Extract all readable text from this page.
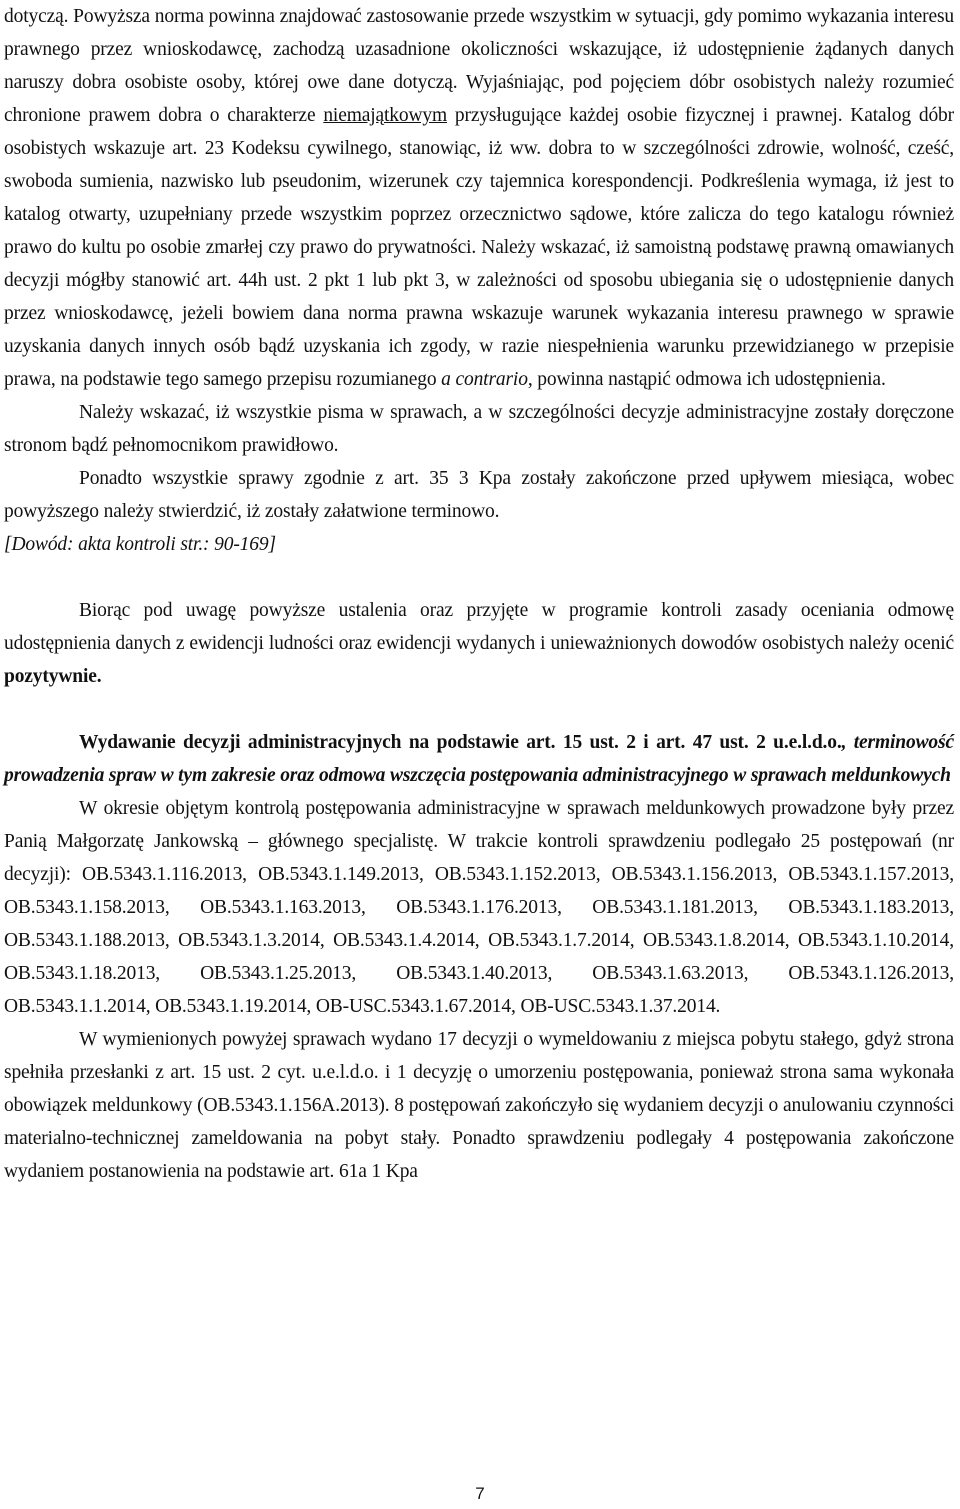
dotyczą. Powyższa norma powinna znajdować zastosowanie przede wszystkim w sytuacji, gdy pomimo wykazania interesu prawnego przez wnioskodawcę, zachodzą uzasadnione okoliczności wskazujące, iż udostępnienie żądanych danych naruszy dobra osobiste osoby, której owe dane dotyczą. Wyjaśniając, pod pojęciem dóbr osobistych należy rozumieć chronione prawem dobra o charakterze niemajątkowym przysługujące każdej osobie fizycznej i prawnej. Katalog dóbr osobistych wskazuje art. 23 Kodeksu cywilnego, stanowiąc, iż ww. dobra to w szczególności zdrowie, wolność, cześć, swoboda sumienia, nazwisko lub pseudonim, wizerunek czy tajemnica korespondencji. Podkreślenia wymaga, iż jest to katalog otwarty, uzupełniany przede wszystkim poprzez orzecznictwo sądowe, które zalicza do tego katalogu również prawo do kultu po osobie zmarłej czy prawo do prywatności. Należy wskazać, iż samoistną podstawę prawną omawianych decyzji mógłby stanowić art. 44h ust. 2 pkt 1 lub pkt 3, w zależności od sposobu ubiegania się o udostępnienie danych przez wnioskodawcę, jeżeli bowiem dana norma prawna wskazuje warunek wykazania interesu prawnego w sprawie uzyskania danych innych osób bądź uzyskania ich zgody, w razie niespełnienia warunku przewidzianego w przepisie prawa, na podstawie tego samego przepisu rozumianego a contrario, powinna nastąpić odmowa ich udostępnienia.

Należy wskazać, iż wszystkie pisma w sprawach, a w szczególności decyzje administracyjne zostały doręczone stronom bądź pełnomocnikom prawidłowo.

Ponadto wszystkie sprawy zgodnie z art. 35 3 Kpa zostały zakończone przed upływem miesiąca, wobec powyższego należy stwierdzić, iż zostały załatwione terminowo.

[Dowód: akta kontroli str.: 90-169]

Biorąc pod uwagę powyższe ustalenia oraz przyjęte w programie kontroli zasady oceniania odmowę udostępnienia danych z ewidencji ludności oraz ewidencji wydanych i unieważnionych dowodów osobistych należy ocenić pozytywnie.

Wydawanie decyzji administracyjnych na podstawie art. 15 ust. 2 i art. 47 ust. 2 u.e.l.d.o., terminowość prowadzenia spraw w tym zakresie oraz odmowa wszczęcia postępowania administracyjnego w sprawach meldunkowych

W okresie objętym kontrolą postępowania administracyjne w sprawach meldunkowych prowadzone były przez Panią Małgorzatę Jankowską – głównego specjalistę. W trakcie kontroli sprawdzeniu podlegało 25 postępowań (nr decyzji): OB.5343.1.116.2013, OB.5343.1.149.2013, OB.5343.1.152.2013, OB.5343.1.156.2013, OB.5343.1.157.2013, OB.5343.1.158.2013, OB.5343.1.163.2013, OB.5343.1.176.2013, OB.5343.1.181.2013, OB.5343.1.183.2013, OB.5343.1.188.2013, OB.5343.1.3.2014, OB.5343.1.4.2014, OB.5343.1.7.2014, OB.5343.1.8.2014, OB.5343.1.10.2014, OB.5343.1.18.2013, OB.5343.1.25.2013, OB.5343.1.40.2013, OB.5343.1.63.2013, OB.5343.1.126.2013, OB.5343.1.1.2014, OB.5343.1.19.2014, OB-USC.5343.1.67.2014, OB-USC.5343.1.37.2014.

W wymienionych powyżej sprawach wydano 17 decyzji o wymeldowaniu z miejsca pobytu stałego, gdyż strona spełniła przesłanki z art. 15 ust. 2 cyt. u.e.l.d.o. i 1 decyzję o umorzeniu postępowania, ponieważ strona sama wykonała obowiązek meldunkowy (OB.5343.1.156A.2013). 8 postępowań zakończyło się wydaniem decyzji o anulowaniu czynności materialno-technicznej zameldowania na pobyt stały. Ponadto sprawdzeniu podlegały 4 postępowania zakończone wydaniem postanowienia na podstawie art. 61a 1 Kpa

7
